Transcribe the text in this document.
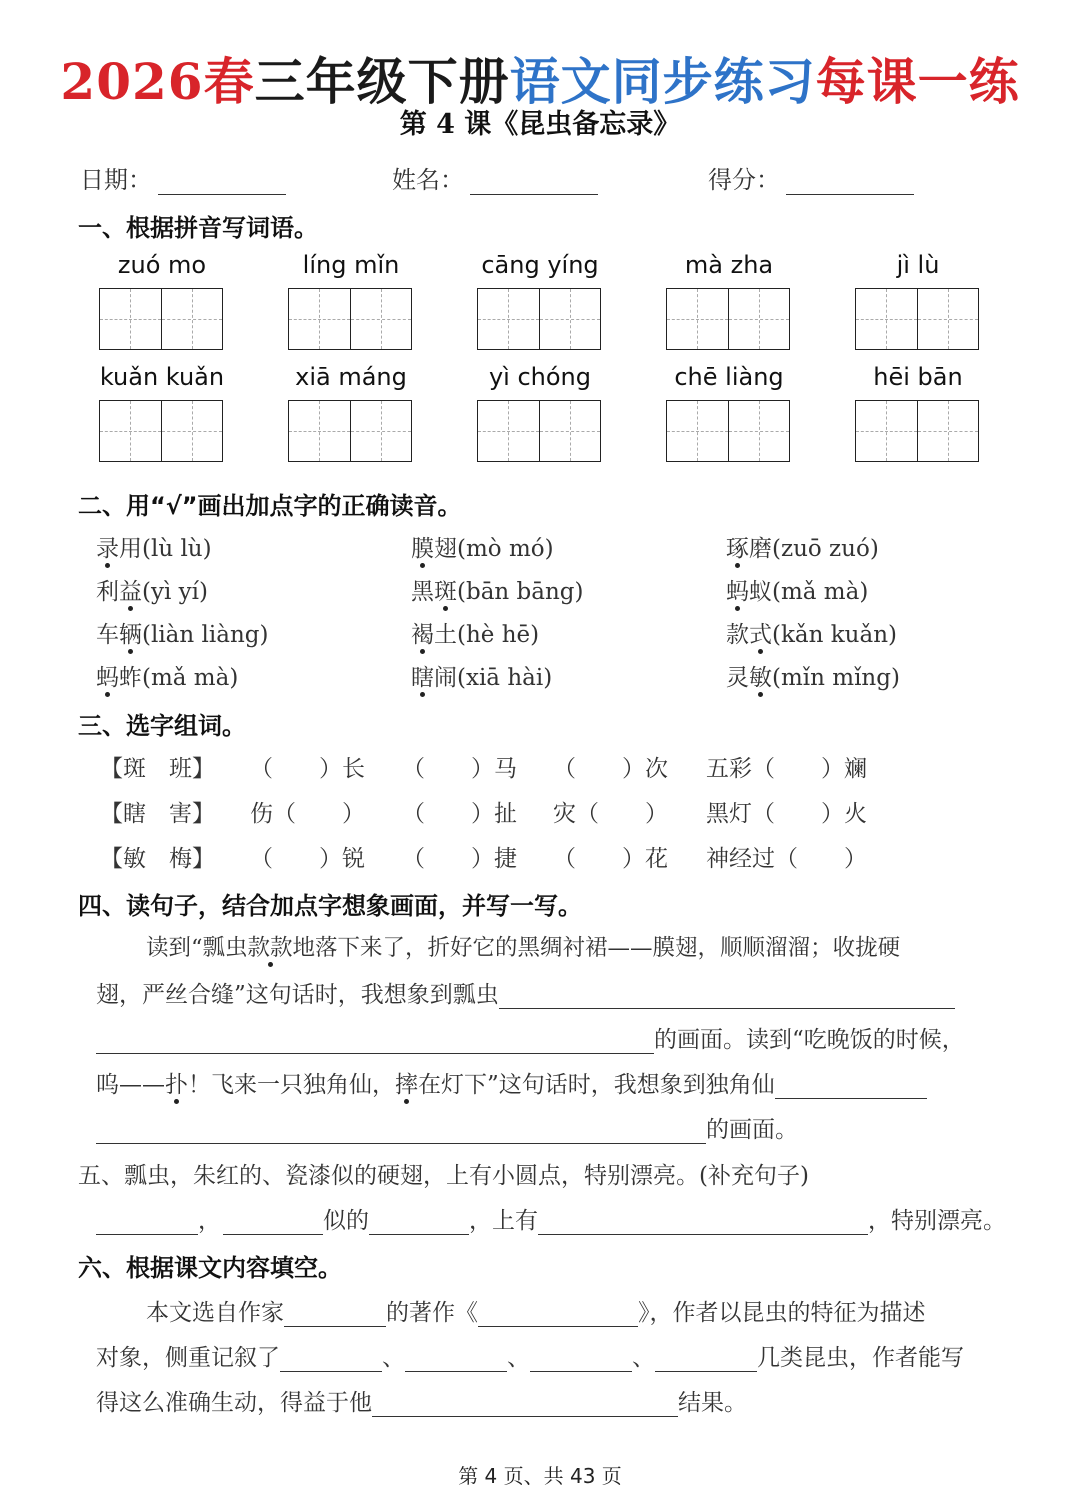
2026春三年级下册语文同步练习每课一练
第 4 课《昆虫备忘录》
日期：	姓名：	得分：
一、根据拼音写词语。
zuó mo	líng mǐn	cāng yíng	mà zha	jì lù
kuǎn kuǎn	xiā máng	yì chóng	chē liàng	hēi bān
二、用“√”画出加点字的正确读音。
录用(lù lù)	膜翅(mò mó)	琢磨(zuō zuó)
利益(yì yí)	黑斑(bān bāng)	蚂蚁(mǎ mà)
车辆(liàn liàng)	褐土(hè hē)	款式(kǎn kuǎn)
蚂蚱(mǎ mà)	瞎闹(xiā hài)	灵敏(mǐn mǐng)
三、选字组词。
【斑　班】 （　　）长 （　　）马 （　　）次 五彩（　　）斓
【瞎　害】 伤（　　） （　　）扯 灾（　　） 黑灯（　　）火
【敏　梅】 （　　）锐 （　　）捷 （　　）花 神经过（　　）
四、读句子，结合加点字想象画面，并写一写。
读到“瓢虫款款地落下来了，折好它的黑绸衬裙——膜翅，顺顺溜溜；收拢硬
翅，严丝合缝”这句话时，我想象到瓢虫
的画面。读到“吃晚饭的时候，
呜——扑！飞来一只独角仙，摔在灯下”这句话时，我想象到独角仙
的画面。
五、瓢虫，朱红的、瓷漆似的硬翅，上有小圆点，特别漂亮。(补充句子)
，	似的	，上有	，特别漂亮。
六、根据课文内容填空。
本文选自作家	的著作《	》，作者以昆虫的特征为描述
对象，侧重记叙了	、	、	、	几类昆虫，作者能写
得这么准确生动，得益于他	结果。
第 4 页、共 43 页
